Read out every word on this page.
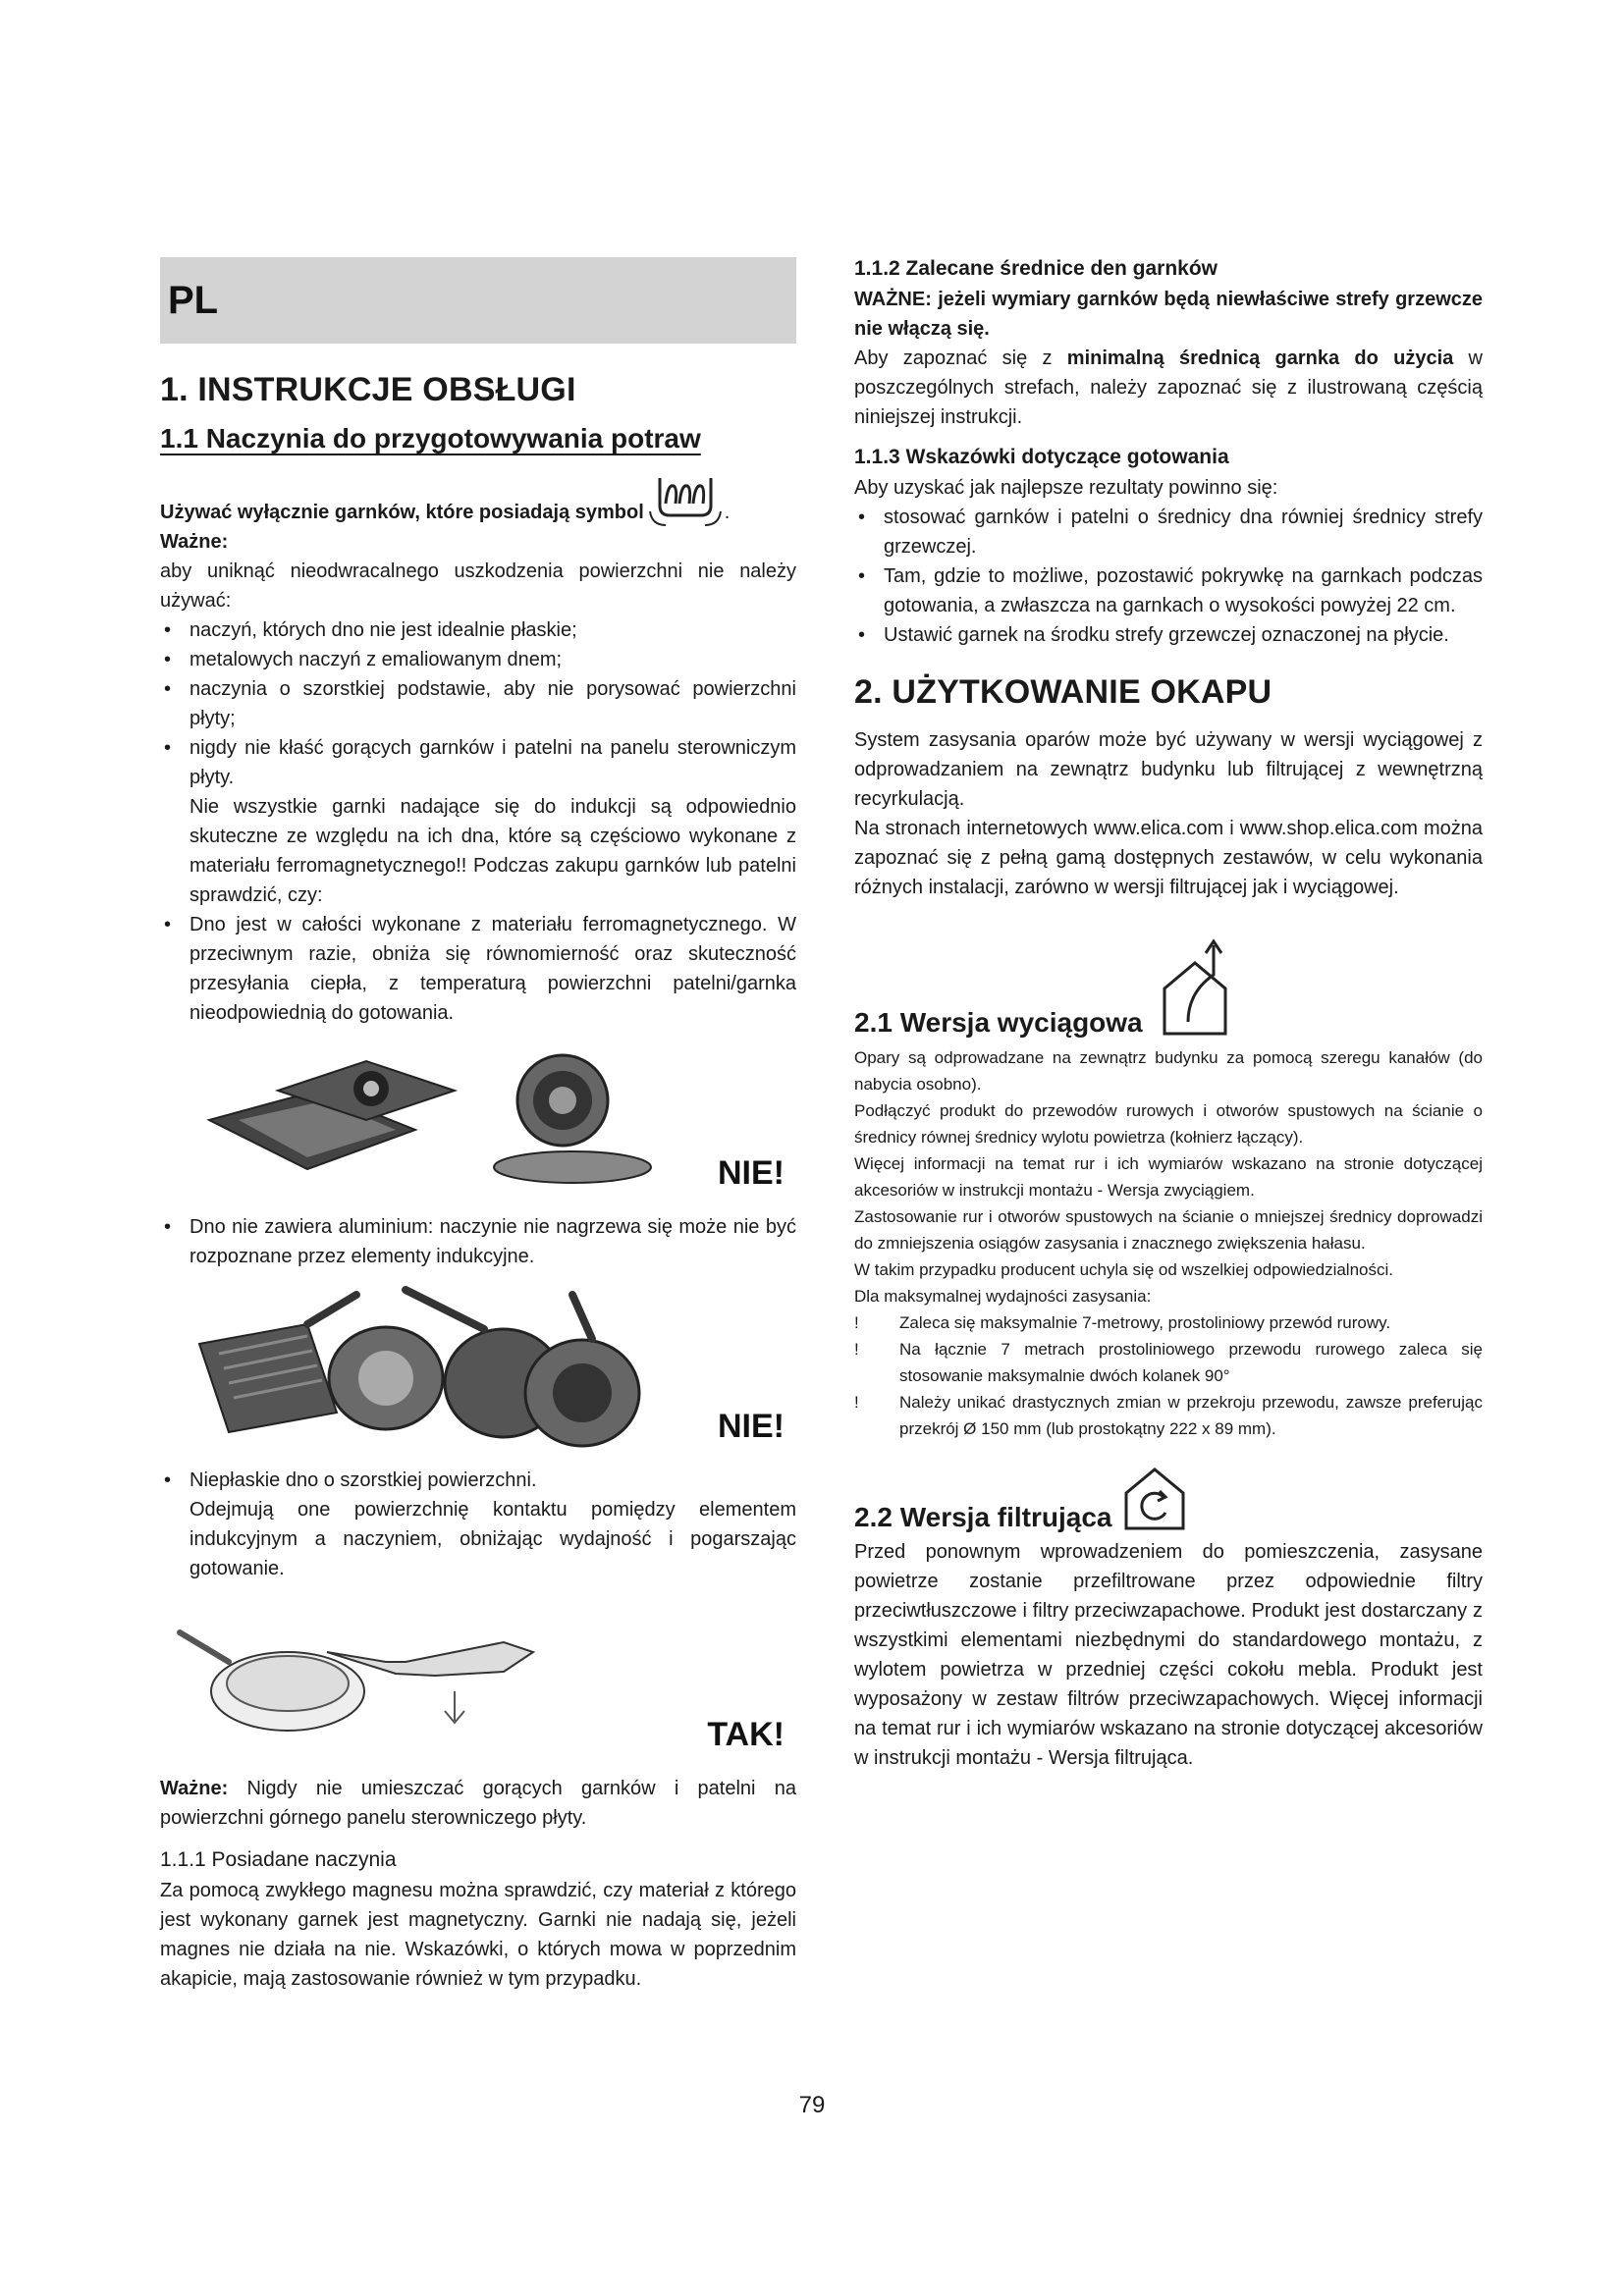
PL
1. INSTRUKCJE OBSŁUGI
1.1 Naczynia do przygotowywania potraw

Używać wyłącznie garnków, które posiadają symbol	.

Ważne:

aby uniknąć nieodwracalnego uszkodzenia powierzchni nie należy używać:

• naczyń, których dno nie jest idealnie płaskie;
• metalowych naczyń z emaliowanym dnem;
• naczynia o szorstkiej podstawie, aby nie porysować powierzchni płyty;
• nigdy nie kłaść gorących garnków i patelni na panelu sterowniczym płyty.

Nie wszystkie garnki nadające się do indukcji są odpowiednio skuteczne ze względu na ich dna, które są częściowo wykonane z materiału ferromagnetycznego!! Podczas zakupu garnków lub patelni sprawdzić, czy:

• Dno jest w całości wykonane z materiału ferromagnetycznego. W przeciwnym razie, obniża się równomierność oraz skuteczność przesyłania ciepła, z temperaturą powierzchni patelni/garnka nieodpowiednią do gotowania.
NIE!
• Dno nie zawiera aluminium: naczynie nie nagrzewa się może nie być rozpoznane przez elementy indukcyjne.
NIE!
• Niepłaskie dno o szorstkiej powierzchni.

Odejmują one powierzchnię kontaktu pomiędzy elementem indukcyjnym a naczyniem, obniżając wydajność i pogarszając gotowanie.

TAK!

Ważne: Nigdy nie umieszczać gorących garnków i patelni na powierzchni górnego panelu sterowniczego płyty.

1.1.1 Posiadane naczynia

Za pomocą zwykłego magnesu można sprawdzić, czy materiał z którego jest wykonany garnek jest magnetyczny. Garnki nie nadają się, jeżeli magnes nie działa na nie. Wskazówki, o których mowa w poprzednim akapicie, mają zastosowanie również w tym przypadku.

1.1.2 Zalecane średnice den garnków

WAŻNE: jeżeli wymiary garnków będą niewłaściwe strefy grzewcze nie włączą się.

Aby zapoznać się z minimalną średnicą garnka do użycia w poszczególnych strefach, należy zapoznać się z ilustrowaną częścią niniejszej instrukcji.

1.1.3 Wskazówki dotyczące gotowania

Aby uzyskać jak najlepsze rezultaty powinno się:

• stosować garnków i patelni o średnicy dna równiej średnicy strefy grzewczej.
• Tam, gdzie to możliwe, pozostawić pokrywkę na garnkach podczas gotowania, a zwłaszcza na garnkach o wysokości powyżej 22 cm.
• Ustawić garnek na środku strefy grzewczej oznaczonej na płycie.
2. UŻYTKOWANIE OKAPU

System zasysania oparów może być używany w wersji wyciągowej z odprowadzaniem na zewnątrz budynku lub filtrującej z wewnętrzną recyrkulacją.

Na stronach internetowych www.elica.com i www.shop.elica.com można zapoznać się z pełną gamą dostępnych zestawów, w celu wykonania różnych instalacji, zarówno w wersji filtrującej jak i wyciągowej.

2.1 Wersja wyciągowa

Opary są odprowadzane na zewnątrz budynku za pomocą szeregu kanałów (do nabycia osobno).

Podłączyć produkt do przewodów rurowych i otworów spustowych na ścianie o średnicy równej średnicy wylotu powietrza (kołnierz łączący).

Więcej informacji na temat rur i ich wymiarów wskazano na stronie dotyczącej akcesoriów w instrukcji montażu - Wersja zwyciągiem.

Zastosowanie rur i otworów spustowych na ścianie o mniejszej średnicy doprowadzi do zmniejszenia osiągów zasysania i znacznego zwiększenia hałasu.

W takim przypadku producent uchyla się od wszelkiej odpowiedzialności.

Dla maksymalnej wydajności zasysania:

! Zaleca się maksymalnie 7-metrowy, prostoliniowy przewód rurowy.
! Na łącznie 7 metrach prostoliniowego przewodu rurowego zaleca się stosowanie maksymalnie dwóch kolanek 90°
! Należy unikać drastycznych zmian w przekroju przewodu, zawsze preferując przekrój Ø 150 mm (lub prostokątny 222 x 89 mm).
2.2 Wersja filtrująca

Przed ponownym wprowadzeniem do pomieszczenia, zasysane powietrze zostanie przefiltrowane przez odpowiednie filtry przeciwtłuszczowe i filtry przeciwzapachowe. Produkt jest dostarczany z wszystkimi elementami niezbędnymi do standardowego montażu, z wylotem powietrza w przedniej części cokołu mebla. Produkt jest wyposażony w zestaw filtrów przeciwzapachowych. Więcej informacji na temat rur i ich wymiarów wskazano na stronie dotyczącej akcesoriów w instrukcji montażu - Wersja filtrująca.

79
